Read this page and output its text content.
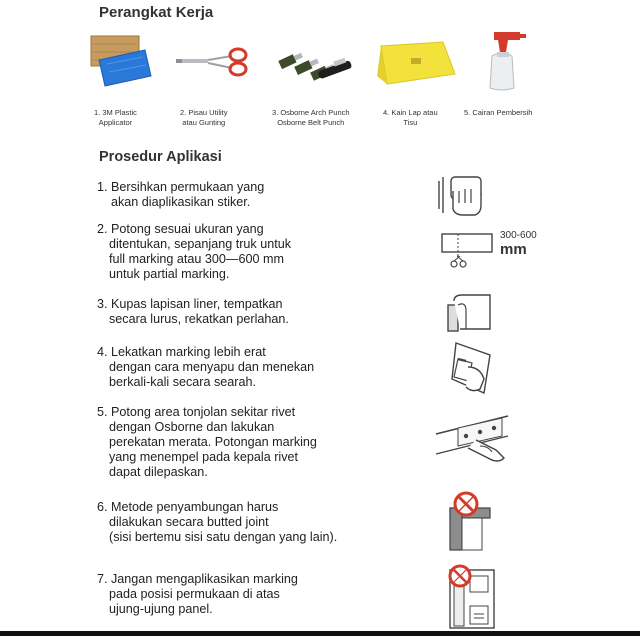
Perangkat Kerja
1. 3M Plastic
Applicator
2. Pisau Utility
atau Gunting
3. Osborne Arch Punch
Osborne Belt Punch
4. Kain Lap atau
Tisu
5. Cairan Pembersih
Prosedur Aplikasi
1. Bersihkan permukaan yang
akan diaplikasikan stiker.
2. Potong sesuai ukuran yang
ditentukan, sepanjang truk untuk
full marking atau 300—600 mm
untuk partial marking.
3. Kupas lapisan liner, tempatkan
secara lurus, rekatkan perlahan.
4. Lekatkan marking lebih erat
dengan cara menyapu dan menekan
berkali-kali secara searah.
5. Potong area tonjolan sekitar rivet
dengan Osborne dan lakukan
perekatan merata. Potongan marking
yang menempel pada kepala rivet
dapat dilepaskan.
6. Metode penyambungan harus
dilakukan secara butted joint
(sisi bertemu sisi satu dengan yang lain).
7. Jangan mengaplikasikan marking
pada posisi permukaan di atas
ujung-ujung panel.
300-600
mm
